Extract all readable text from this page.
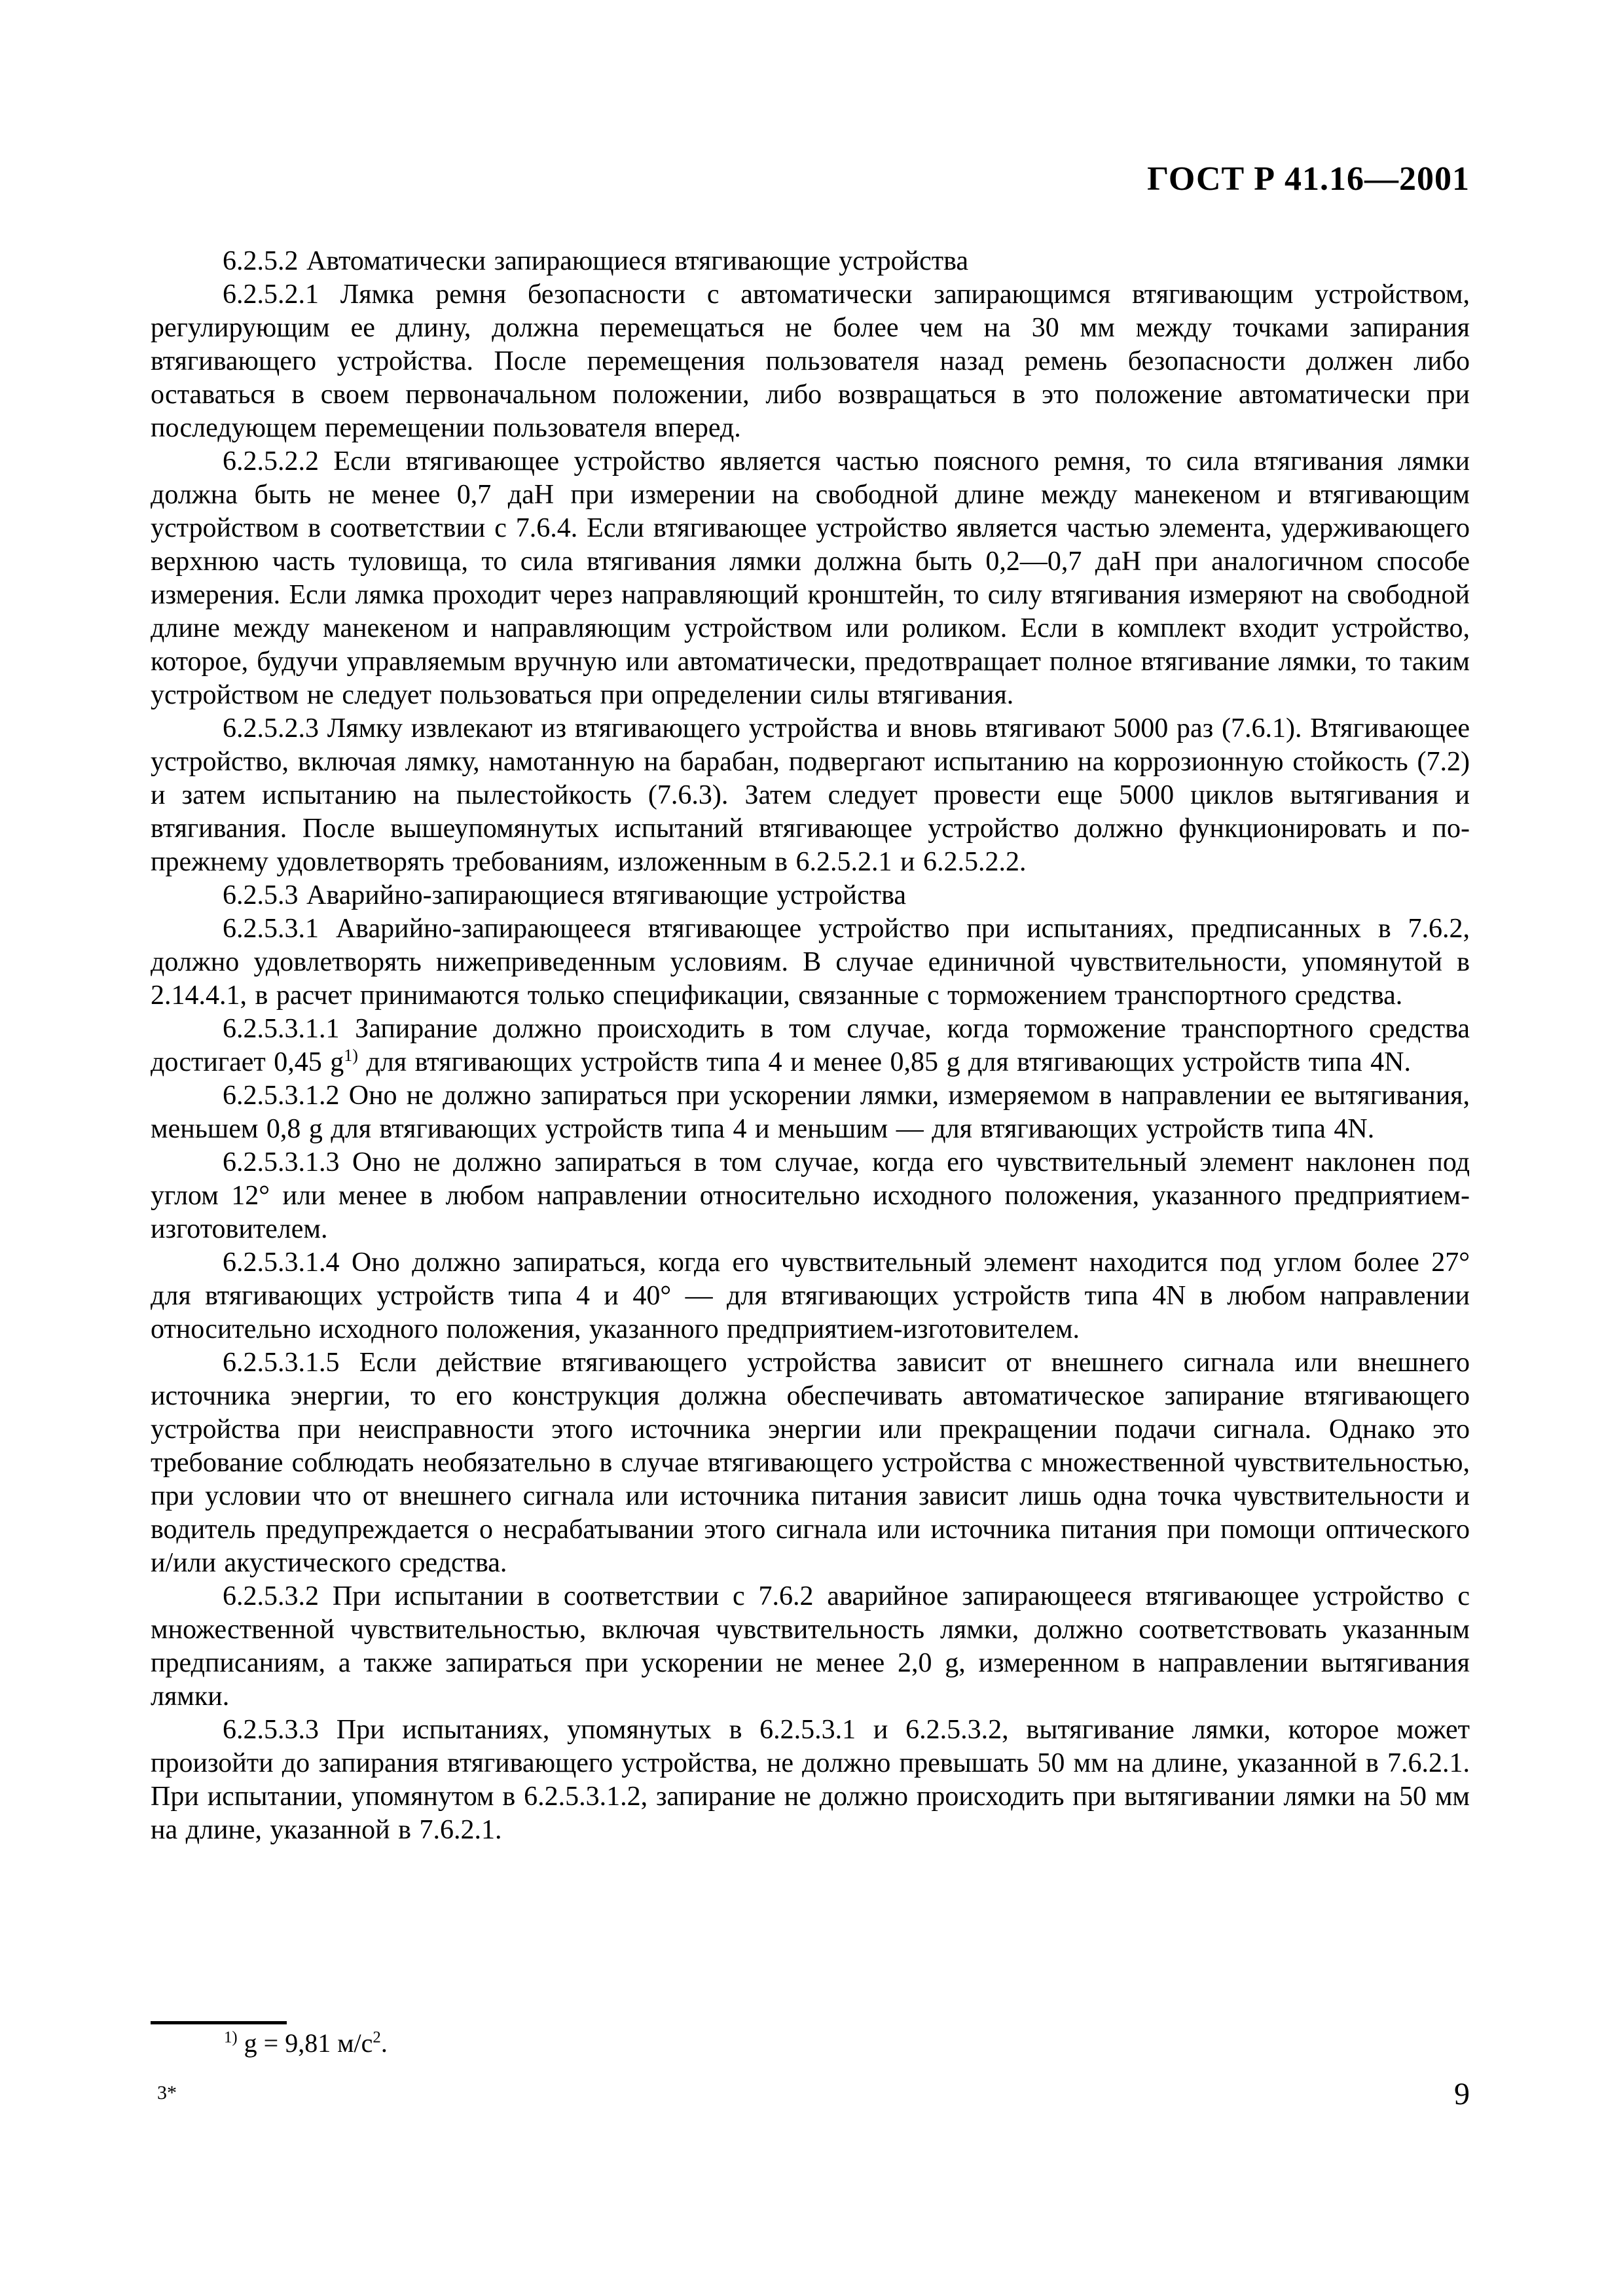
ГОСТ Р 41.16—2001

6.2.5.2 Автоматически запирающиеся втягивающие устройства

6.2.5.2.1 Лямка ремня безопасности с автоматически запирающимся втягивающим устройством, регулирующим ее длину, должна перемещаться не более чем на 30 мм между точками запирания втягивающего устройства. После перемещения пользователя назад ремень безопасности должен либо оставаться в своем первоначальном положении, либо возвращаться в это положение автоматически при последующем перемещении пользователя вперед.

6.2.5.2.2 Если втягивающее устройство является частью поясного ремня, то сила втягивания лямки должна быть не менее 0,7 даН при измерении на свободной длине между манекеном и втягивающим устройством в соответствии с 7.6.4. Если втягивающее устройство является частью элемента, удерживающего верхнюю часть туловища, то сила втягивания лямки должна быть 0,2—0,7 даН при аналогичном способе измерения. Если лямка проходит через направляющий кронштейн, то силу втягивания измеряют на свободной длине между манекеном и направляющим устройством или роликом. Если в комплект входит устройство, которое, будучи управляемым вручную или автоматически, предотвращает полное втягивание лямки, то таким устройством не следует пользоваться при определении силы втягивания.

6.2.5.2.3 Лямку извлекают из втягивающего устройства и вновь втягивают 5000 раз (7.6.1). Втягивающее устройство, включая лямку, намотанную на барабан, подвергают испытанию на коррозионную стойкость (7.2) и затем испытанию на пылестойкость (7.6.3). Затем следует провести еще 5000 циклов вытягивания и втягивания. После вышеупомянутых испытаний втягивающее устройство должно функционировать и по-прежнему удовлетворять требованиям, изложенным в 6.2.5.2.1 и 6.2.5.2.2.

6.2.5.3 Аварийно-запирающиеся втягивающие устройства

6.2.5.3.1 Аварийно-запирающееся втягивающее устройство при испытаниях, предписанных в 7.6.2, должно удовлетворять нижеприведенным условиям. В случае единичной чувствительности, упомянутой в 2.14.4.1, в расчет принимаются только спецификации, связанные с торможением транспортного средства.

6.2.5.3.1.1 Запирание должно происходить в том случае, когда торможение транспортного средства достигает 0,45 g$^{1)}$ для втягивающих устройств типа 4 и менее 0,85 g для втягивающих устройств типа 4N.

6.2.5.3.1.2 Оно не должно запираться при ускорении лямки, измеряемом в направлении ее вытягивания, меньшем 0,8 g для втягивающих устройств типа 4 и меньшим — для втягивающих устройств типа 4N.

6.2.5.3.1.3 Оно не должно запираться в том случае, когда его чувствительный элемент наклонен под углом 12° или менее в любом направлении относительно исходного положения, указанного предприятием-изготовителем.

6.2.5.3.1.4 Оно должно запираться, когда его чувствительный элемент находится под углом более 27° для втягивающих устройств типа 4 и 40° — для втягивающих устройств типа 4N в любом направлении относительно исходного положения, указанного предприятием-изготовителем.

6.2.5.3.1.5 Если действие втягивающего устройства зависит от внешнего сигнала или внешнего источника энергии, то его конструкция должна обеспечивать автоматическое запирание втягивающего устройства при неисправности этого источника энергии или прекращении подачи сигнала. Однако это требование соблюдать необязательно в случае втягивающего устройства с множественной чувствительностью, при условии что от внешнего сигнала или источника питания зависит лишь одна точка чувствительности и водитель предупреждается о несрабатывании этого сигнала или источника питания при помощи оптического и/или акустического средства.

6.2.5.3.2 При испытании в соответствии с 7.6.2 аварийное запирающееся втягивающее устройство с множественной чувствительностью, включая чувствительность лямки, должно соответствовать указанным предписаниям, а также запираться при ускорении не менее 2,0 g, измеренном в направлении вытягивания лямки.

6.2.5.3.3 При испытаниях, упомянутых в 6.2.5.3.1 и 6.2.5.3.2, вытягивание лямки, которое может произойти до запирания втягивающего устройства, не должно превышать 50 мм на длине, указанной в 7.6.2.1. При испытании, упомянутом в 6.2.5.3.1.2, запирание не должно происходить при вытягивании лямки на 50 мм на длине, указанной в 7.6.2.1.

$^{1)}$ g = 9,81 м/с$^2$.
3*	9
